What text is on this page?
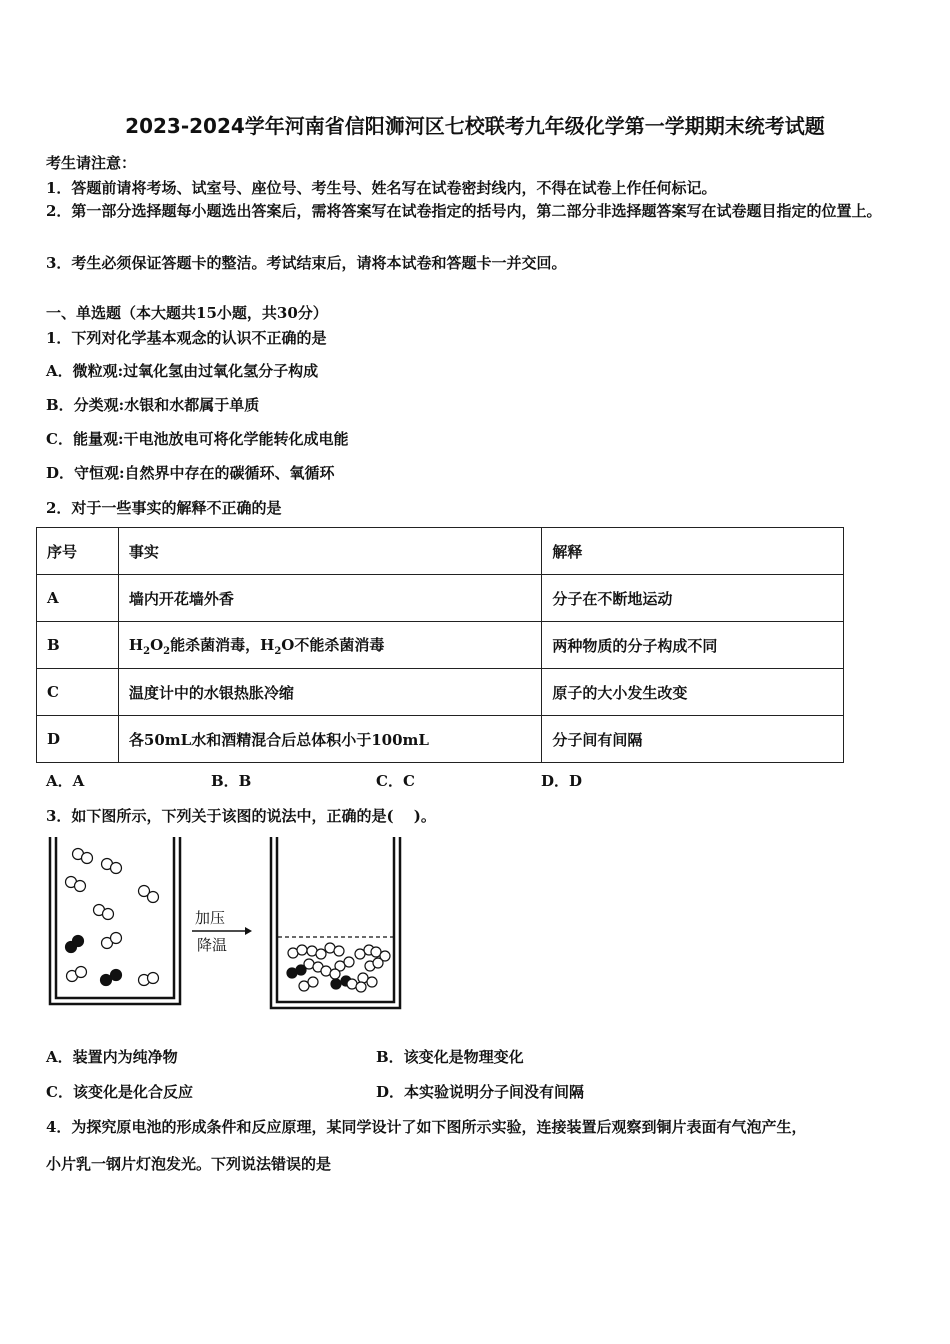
2023-2024学年河南省信阳浉河区七校联考九年级化学第一学期期末统考试题
考生请注意：
1．答题前请将考场、试室号、座位号、考生号、姓名写在试卷密封线内，不得在试卷上作任何标记。
2．第一部分选择题每小题选出答案后，需将答案写在试卷指定的括号内，第二部分非选择题答案写在试卷题目指定的位置上。
3．考生必须保证答题卡的整洁。考试结束后，请将本试卷和答题卡一并交回。
一、单选题（本大题共15小题，共30分）
1．下列对化学基本观念的认识不正确的是
A．微粒观:过氧化氢由过氧化氢分子构成
B．分类观:水银和水都属于单质
C．能量观:干电池放电可将化学能转化成电能
D．守恒观:自然界中存在的碳循环、氧循环
2．对于一些事实的解释不正确的是
序号	事实	解释
A	墙内开花墙外香	分子在不断地运动
B	$H_2O_2$能杀菌消毒，$H_2O$不能杀菌消毒	两种物质的分子构成不同
C	温度计中的水银热胀冷缩	原子的大小发生改变
D	各50mL水和酒精混合后总体积小于100mL	分子间有间隔
A．A	B．B	C．C	D．D
3．如下图所示，下列关于该图的说法中，正确的是(　 )。
加压
降温
A．装置内为纯净物	B．该变化是物理变化
C．该变化是化合反应	D．本实验说明分子间没有间隔
4．为探究原电池的形成条件和反应原理，某同学设计了如下图所示实验，连接装置后观察到铜片表面有气泡产生，
小片乳一钢片灯泡发光。下列说法错误的是
